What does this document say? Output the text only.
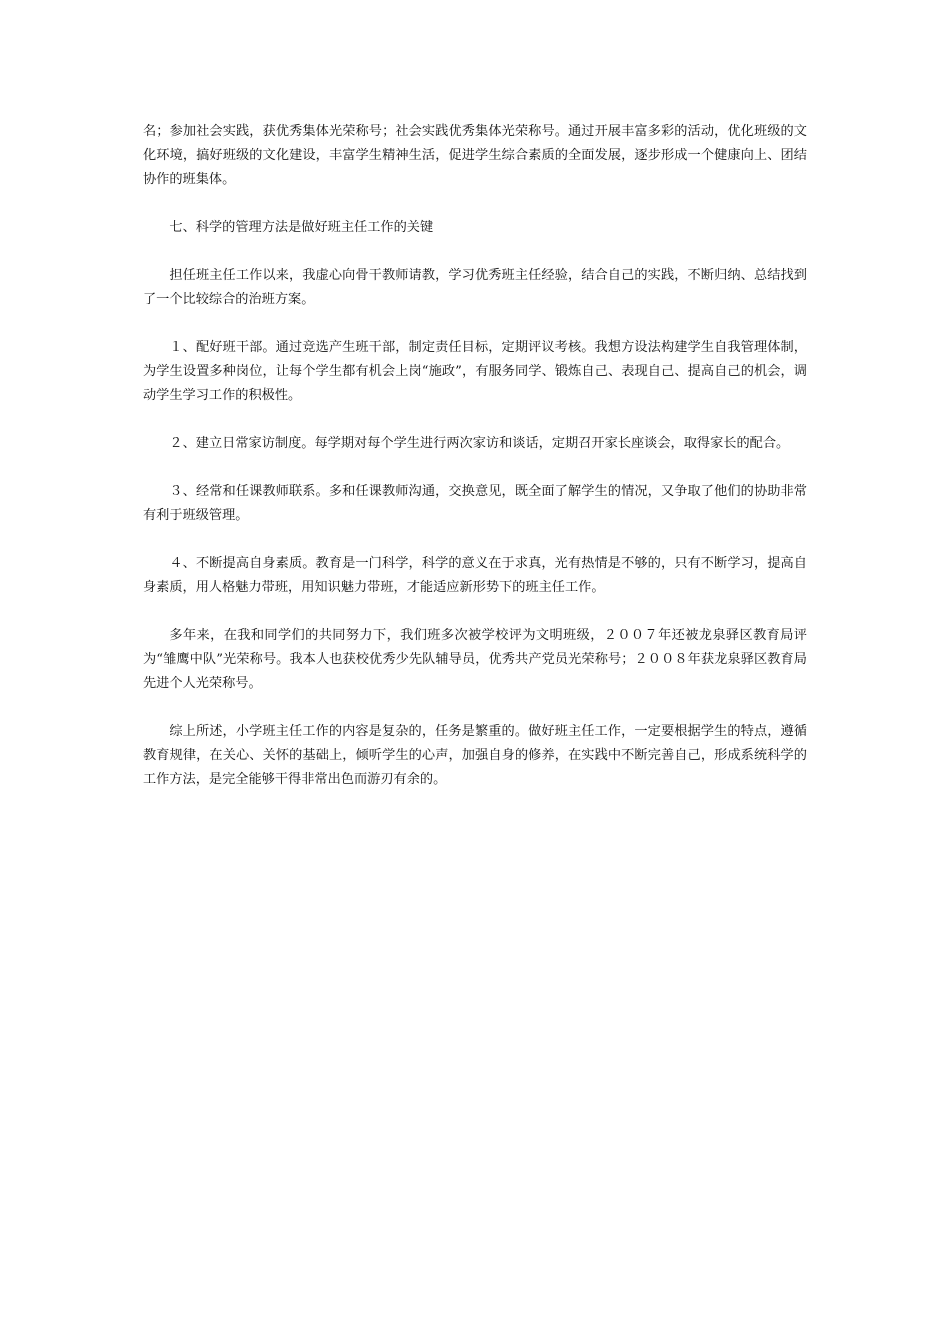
名；参加社会实践，获优秀集体光荣称号；社会实践优秀集体光荣称号。通过开展丰富多彩的活动，优化班级的文化环境，搞好班级的文化建设，丰富学生精神生活，促进学生综合素质的全面发展，逐步形成一个健康向上、团结协作的班集体。

七、科学的管理方法是做好班主任工作的关键

担任班主任工作以来，我虚心向骨干教师请教，学习优秀班主任经验，结合自己的实践，不断归纳、总结找到了一个比较综合的治班方案。

１、配好班干部。通过竞选产生班干部，制定责任目标，定期评议考核。我想方设法构建学生自我管理体制，为学生设置多种岗位，让每个学生都有机会上岗“施政”，有服务同学、锻炼自己、表现自己、提高自己的机会，调动学生学习工作的积极性。

２、建立日常家访制度。每学期对每个学生进行两次家访和谈话，定期召开家长座谈会，取得家长的配合。

３、经常和任课教师联系。多和任课教师沟通，交换意见，既全面了解学生的情况，又争取了他们的协助非常有利于班级管理。

４、不断提高自身素质。教育是一门科学，科学的意义在于求真，光有热情是不够的，只有不断学习，提高自身素质，用人格魅力带班，用知识魅力带班，才能适应新形势下的班主任工作。

多年来，在我和同学们的共同努力下，我们班多次被学校评为文明班级，２００７年还被龙泉驿区教育局评为“雏鹰中队”光荣称号。我本人也获校优秀少先队辅导员，优秀共产党员光荣称号；２００８年获龙泉驿区教育局先进个人光荣称号。

综上所述，小学班主任工作的内容是复杂的，任务是繁重的。做好班主任工作，一定要根据学生的特点，遵循教育规律，在关心、关怀的基础上，倾听学生的心声，加强自身的修养，在实践中不断完善自己，形成系统科学的工作方法，是完全能够干得非常出色而游刃有余的。
